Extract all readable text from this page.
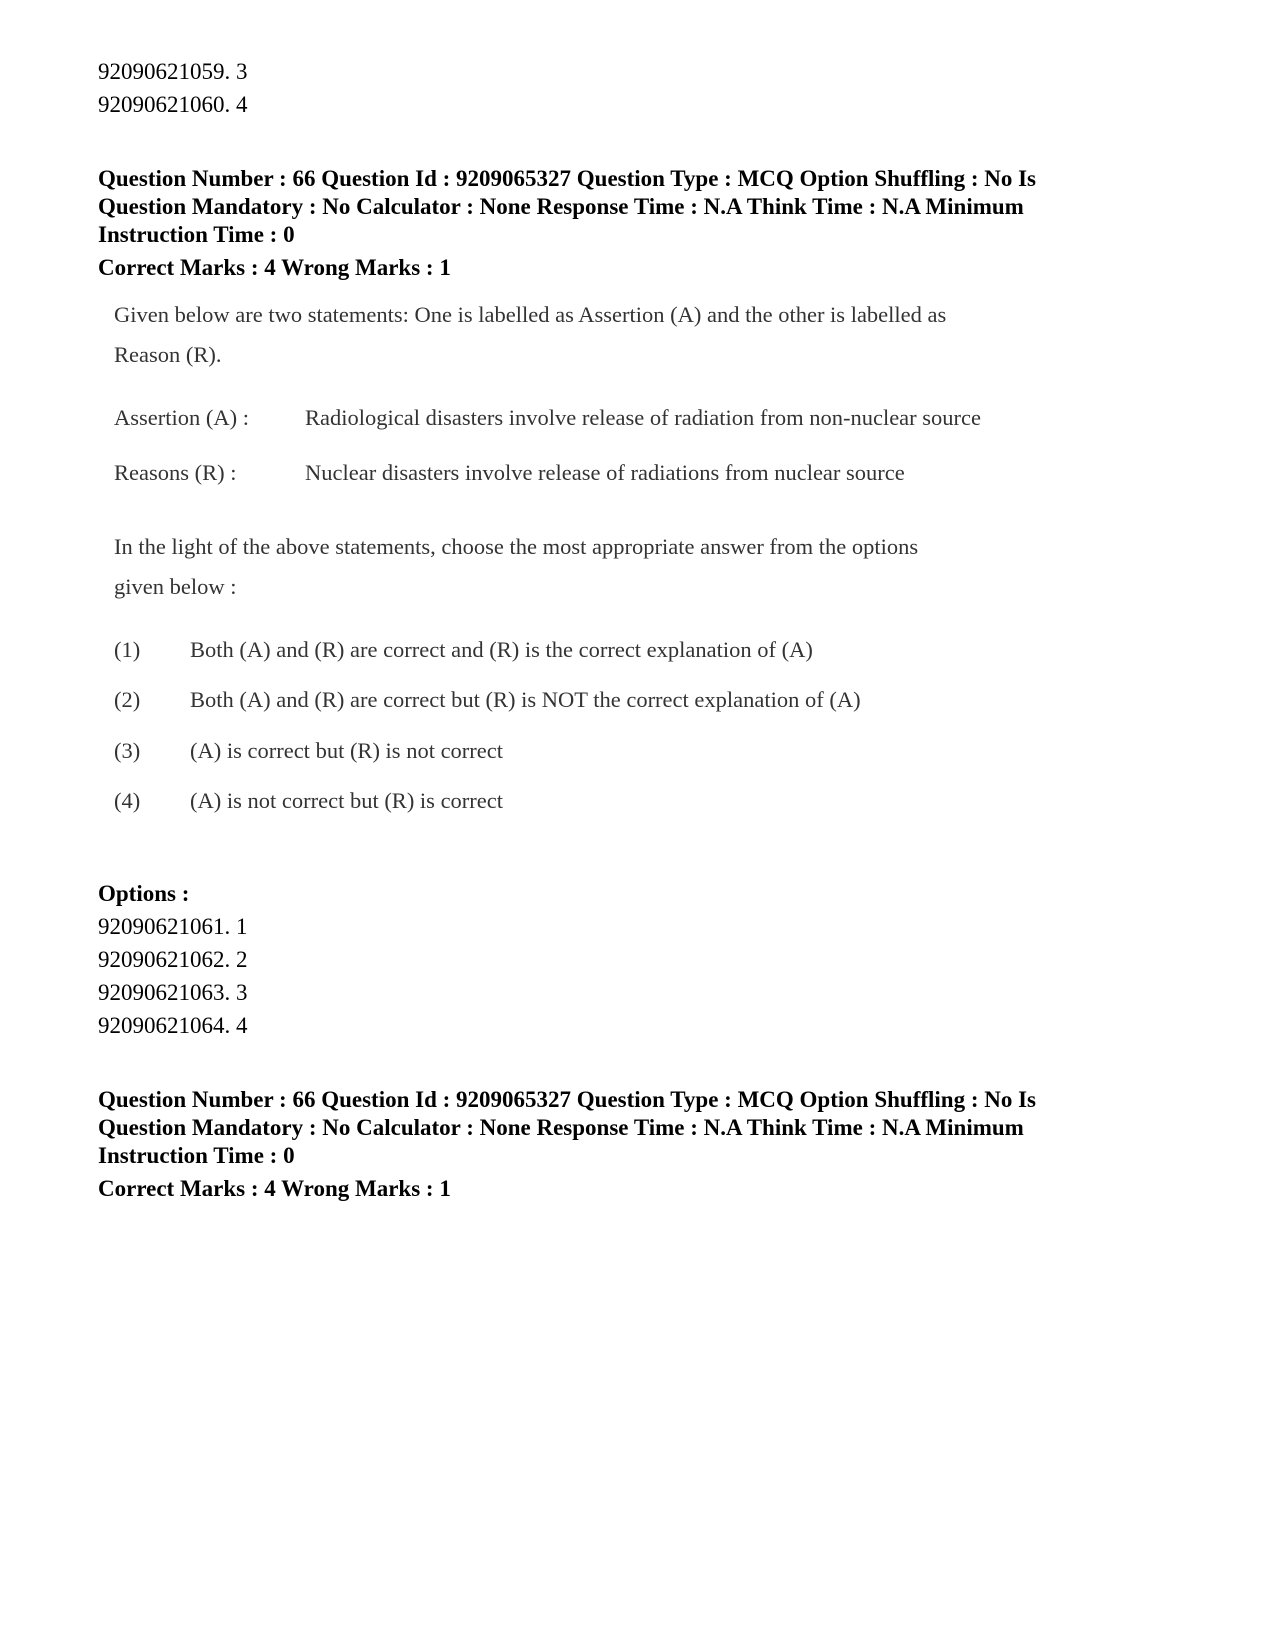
92090621059. 3
92090621060. 4
Question Number : 66 Question Id : 9209065327 Question Type : MCQ Option Shuffling : No Is
Question Mandatory : No Calculator : None Response Time : N.A Think Time : N.A Minimum
Instruction Time : 0
Correct Marks : 4 Wrong Marks : 1
Given below are two statements: One is labelled as Assertion (A) and the other is labelled as
Reason (R).
Assertion (A) : Radiological disasters involve release of radiation from non-nuclear source
Reasons (R) :	Nuclear disasters involve release of radiations from nuclear source
In the light of the above statements, choose the most appropriate answer from the options
given below :
(1) Both (A) and (R) are correct and (R) is the correct explanation of (A)
(2) Both (A) and (R) are correct but (R) is NOT the correct explanation of (A)
(3) (A) is correct but (R) is not correct
(4) (A) is not correct but (R) is correct
Options :
92090621061. 1
92090621062. 2
92090621063. 3
92090621064. 4
Question Number : 66 Question Id : 9209065327 Question Type : MCQ Option Shuffling : No Is
Question Mandatory : No Calculator : None Response Time : N.A Think Time : N.A Minimum
Instruction Time : 0
Correct Marks : 4 Wrong Marks : 1
